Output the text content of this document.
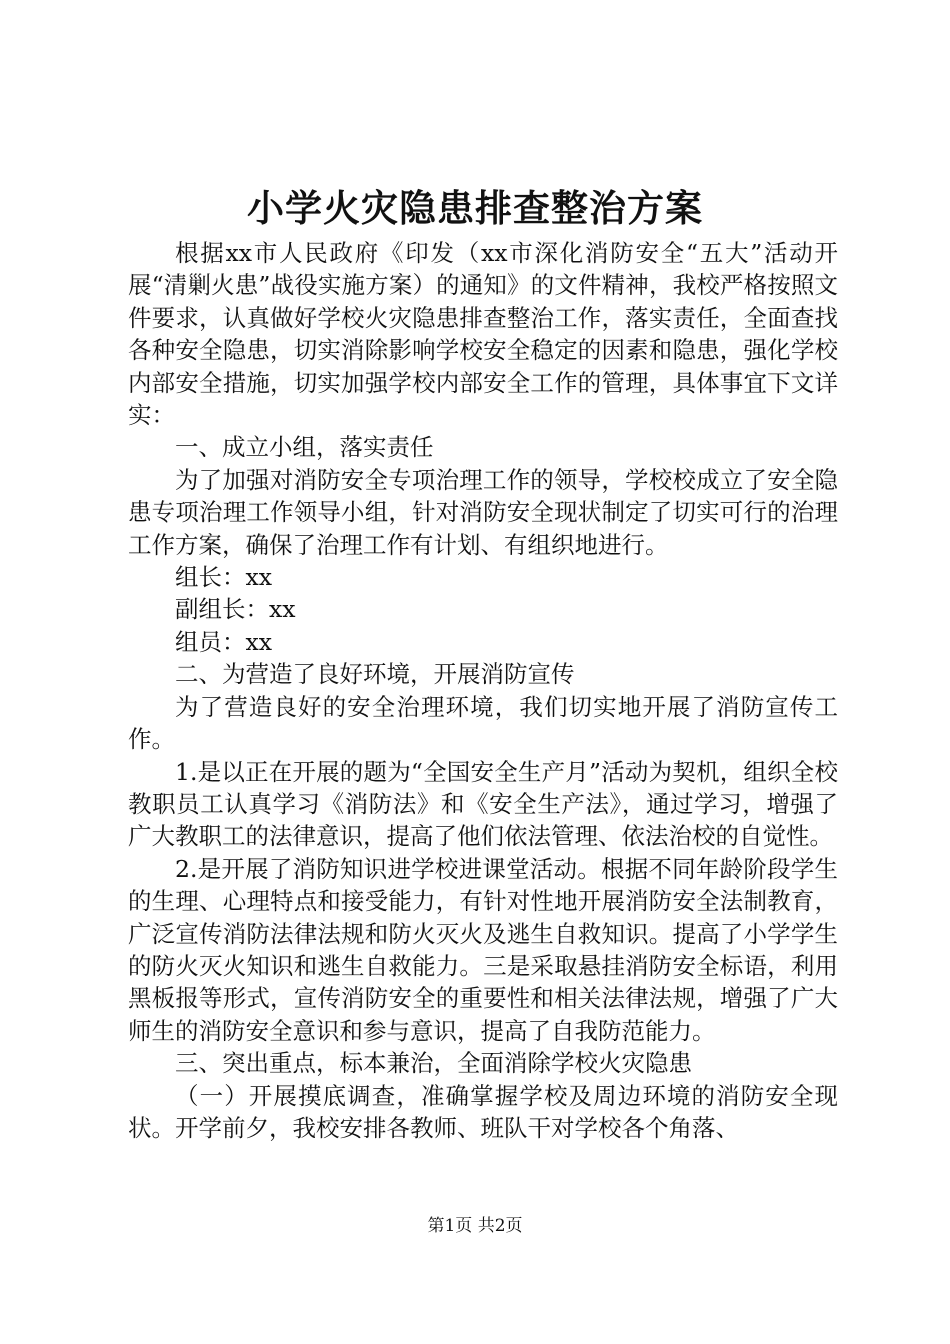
小学火灾隐患排查整治方案

根据xx市人民政府《印发（xx市深化消防安全“五大”活动开展“清剿火患”战役实施方案）的通知》的文件精神，我校严格按照文件要求，认真做好学校火灾隐患排查整治工作，落实责任，全面查找各种安全隐患，切实消除影响学校安全稳定的因素和隐患，强化学校内部安全措施，切实加强学校内部安全工作的管理，具体事宜下文详实：

一、成立小组，落实责任

为了加强对消防安全专项治理工作的领导，学校校成立了安全隐患专项治理工作领导小组，针对消防安全现状制定了切实可行的治理工作方案，确保了治理工作有计划、有组织地进行。

组长：xx

副组长：xx

组员：xx

二、为营造了良好环境，开展消防宣传

为了营造良好的安全治理环境，我们切实地开展了消防宣传工作。

1.是以正在开展的题为“全国安全生产月”活动为契机，组织全校教职员工认真学习《消防法》和《安全生产法》，通过学习，增强了广大教职工的法律意识，提高了他们依法管理、依法治校的自觉性。

2.是开展了消防知识进学校进课堂活动。根据不同年龄阶段学生的生理、心理特点和接受能力，有针对性地开展消防安全法制教育，广泛宣传消防法律法规和防火灭火及逃生自救知识。提高了小学学生的防火灭火知识和逃生自救能力。三是采取悬挂消防安全标语，利用黑板报等形式，宣传消防安全的重要性和相关法律法规，增强了广大师生的消防安全意识和参与意识，提高了自我防范能力。

三、突出重点，标本兼治，全面消除学校火灾隐患

（一）开展摸底调查，准确掌握学校及周边环境的消防安全现状。开学前夕，我校安排各教师、班队干对学校各个角落、

第1页 共2页
